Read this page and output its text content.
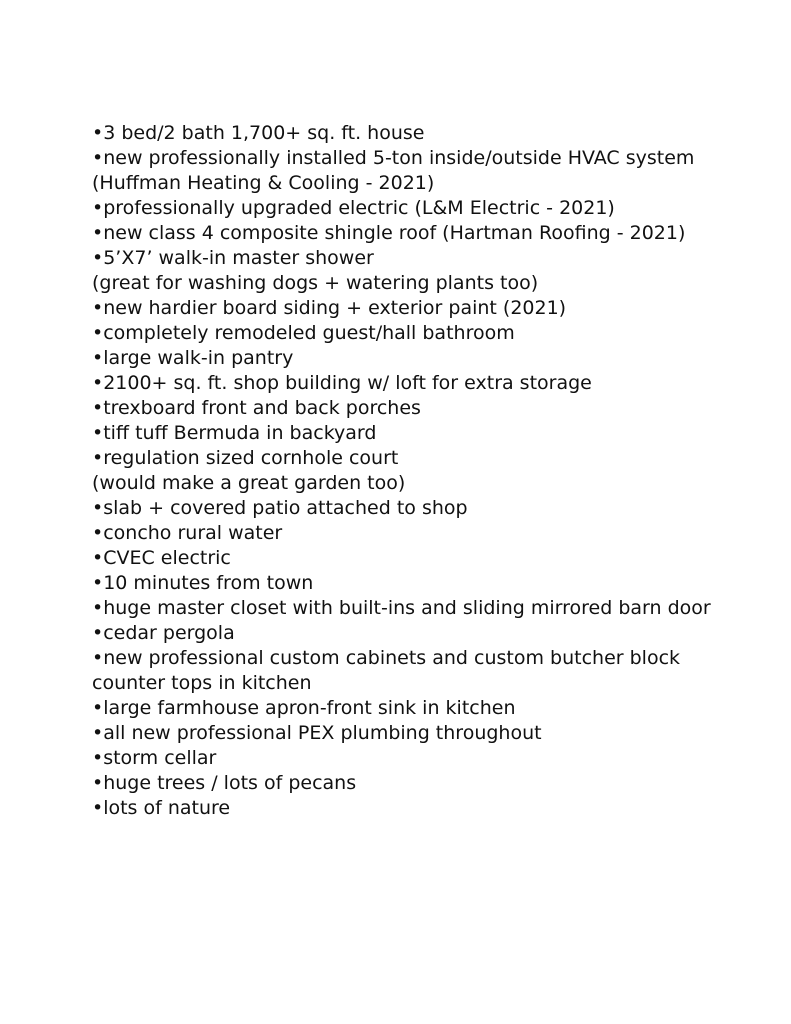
•3 bed/2 bath 1,700+ sq. ft. house
•new professionally installed 5-ton inside/outside HVAC system
(Huffman Heating & Cooling - 2021)
•professionally upgraded electric (L&M Electric - 2021)
•new class 4 composite shingle roof (Hartman Roofing - 2021)
•5’X7’ walk-in master shower
(great for washing dogs + watering plants too)
•new hardier board siding + exterior paint (2021)
•completely remodeled guest/hall bathroom
•large walk-in pantry
•2100+ sq. ft. shop building w/ loft for extra storage
•trexboard front and back porches
•tiff tuff Bermuda in backyard
•regulation sized cornhole court
(would make a great garden too)
•slab + covered patio attached to shop
•concho rural water
•CVEC electric
•10 minutes from town
•huge master closet with built-ins and sliding mirrored barn door
•cedar pergola
•new professional custom cabinets and custom butcher block
counter tops in kitchen
•large farmhouse apron-front sink in kitchen
•all new professional PEX plumbing throughout
•storm cellar
•huge trees / lots of pecans
•lots of nature
